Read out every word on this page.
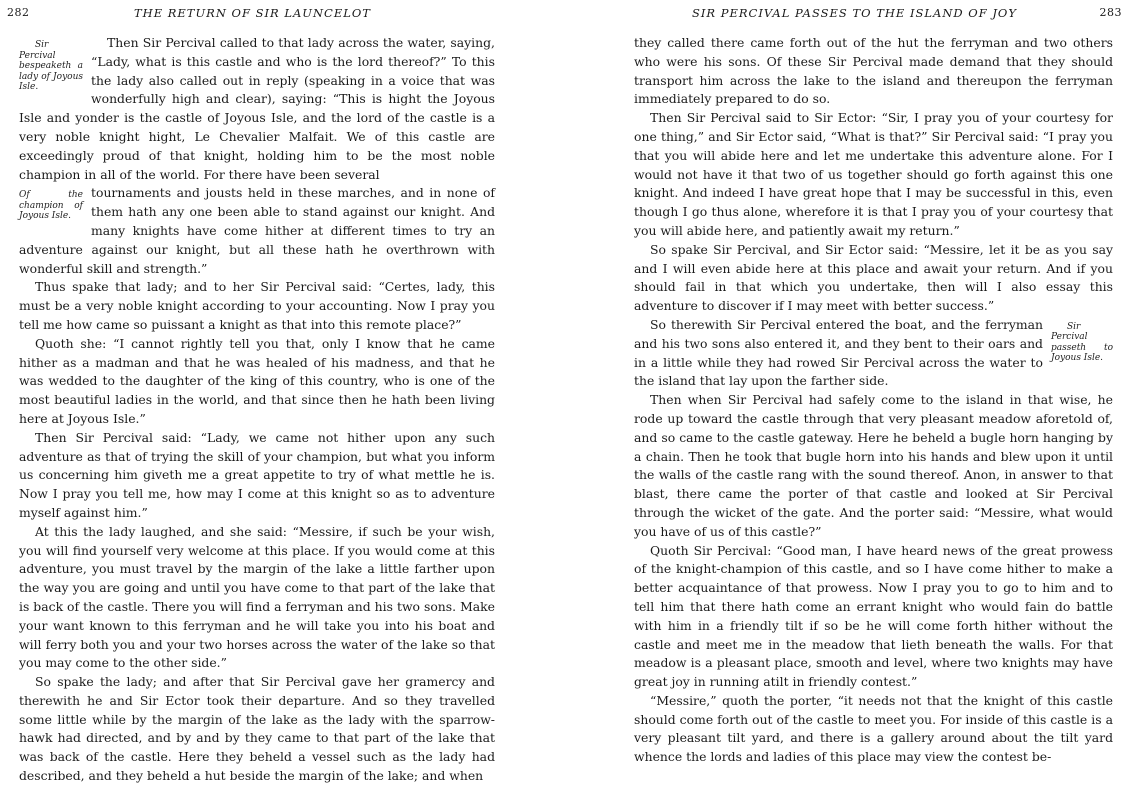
282	THE RETURN OF SIR LAUNCELOT

Sir Percival bespeaketh a lady of Joyous Isle.
Then Sir Percival called to that lady across the water, saying, “Lady, what is this castle and who is the lord thereof?” To this the lady also called out in reply (speaking in a voice that was wonderfully high and clear), saying: “This is hight the Joyous Isle and yonder is the castle of Joyous Isle, and the lord of the castle is a very noble knight hight, Le Chevalier Malfait. We of this castle are exceedingly proud of that knight, holding him to be the most noble champion in all of the world. For there have been several

Of the champion of Joyous Isle.
tournaments and jousts held in these marches, and in none of them hath any one been able to stand against our knight. And many knights have come hither at different times to try an adventure against our knight, but all these hath he overthrown with wonderful skill and strength.”

Thus spake that lady; and to her Sir Percival said: “Certes, lady, this must be a very noble knight according to your accounting. Now I pray you tell me how came so puissant a knight as that into this remote place?”

Quoth she: “I cannot rightly tell you that, only I know that he came hither as a madman and that he was healed of his madness, and that he was wedded to the daughter of the king of this country, who is one of the most beautiful ladies in the world, and that since then he hath been living here at Joyous Isle.”

Then Sir Percival said: “Lady, we came not hither upon any such adventure as that of trying the skill of your champion, but what you inform us concerning him giveth me a great appetite to try of what mettle he is. Now I pray you tell me, how may I come at this knight so as to adventure myself against him.”

At this the lady laughed, and she said: “Messire, if such be your wish, you will find yourself very welcome at this place. If you would come at this adventure, you must travel by the margin of the lake a little farther upon the way you are going and until you have come to that part of the lake that is back of the castle. There you will find a ferryman and his two sons. Make your want known to this ferryman and he will take you into his boat and will ferry both you and your two horses across the water of the lake so that you may come to the other side.”

So spake the lady; and after that Sir Percival gave her gramercy and therewith he and Sir Ector took their departure. And so they travelled some little while by the margin of the lake as the lady with the sparrow-hawk had directed, and by and by they came to that part of the lake that was back of the castle. Here they beheld a vessel such as the lady had described, and they beheld a hut beside the margin of the lake; and when

SIR PERCIVAL PASSES TO THE ISLAND OF JOY	283

they called there came forth out of the hut the ferryman and two others who were his sons. Of these Sir Percival made demand that they should transport him across the lake to the island and thereupon the ferryman immediately prepared to do so.

Then Sir Percival said to Sir Ector: “Sir, I pray you of your courtesy for one thing,” and Sir Ector said, “What is that?” Sir Percival said: “I pray you that you will abide here and let me undertake this adventure alone. For I would not have it that two of us together should go forth against this one knight. And indeed I have great hope that I may be successful in this, even though I go thus alone, wherefore it is that I pray you of your courtesy that you will abide here, and patiently await my return.”

So spake Sir Percival, and Sir Ector said: “Messire, let it be as you say and I will even abide here at this place and await your return. And if you should fail in that which you undertake, then will I also essay this adventure to discover if I may meet with better success.”

Sir Percival passeth to Joyous Isle.
So therewith Sir Percival entered the boat, and the ferryman and his two sons also entered it, and they bent to their oars and in a little while they had rowed Sir Percival across the water to the island that lay upon the farther side.

Then when Sir Percival had safely come to the island in that wise, he rode up toward the castle through that very pleasant meadow aforetold of, and so came to the castle gateway. Here he beheld a bugle horn hanging by a chain. Then he took that bugle horn into his hands and blew upon it until the walls of the castle rang with the sound thereof. Anon, in answer to that blast, there came the porter of that castle and looked at Sir Percival through the wicket of the gate. And the porter said: “Messire, what would you have of us of this castle?”

Quoth Sir Percival: “Good man, I have heard news of the great prowess of the knight-champion of this castle, and so I have come hither to make a better acquaintance of that prowess. Now I pray you to go to him and to tell him that there hath come an errant knight who would fain do battle with him in a friendly tilt if so be he will come forth hither without the castle and meet me in the meadow that lieth beneath the walls. For that meadow is a pleasant place, smooth and level, where two knights may have great joy in running atilt in friendly contest.”

“Messire,” quoth the porter, “it needs not that the knight of this castle should come forth out of the castle to meet you. For inside of this castle is a very pleasant tilt yard, and there is a gallery around about the tilt yard whence the lords and ladies of this place may view the contest be-
